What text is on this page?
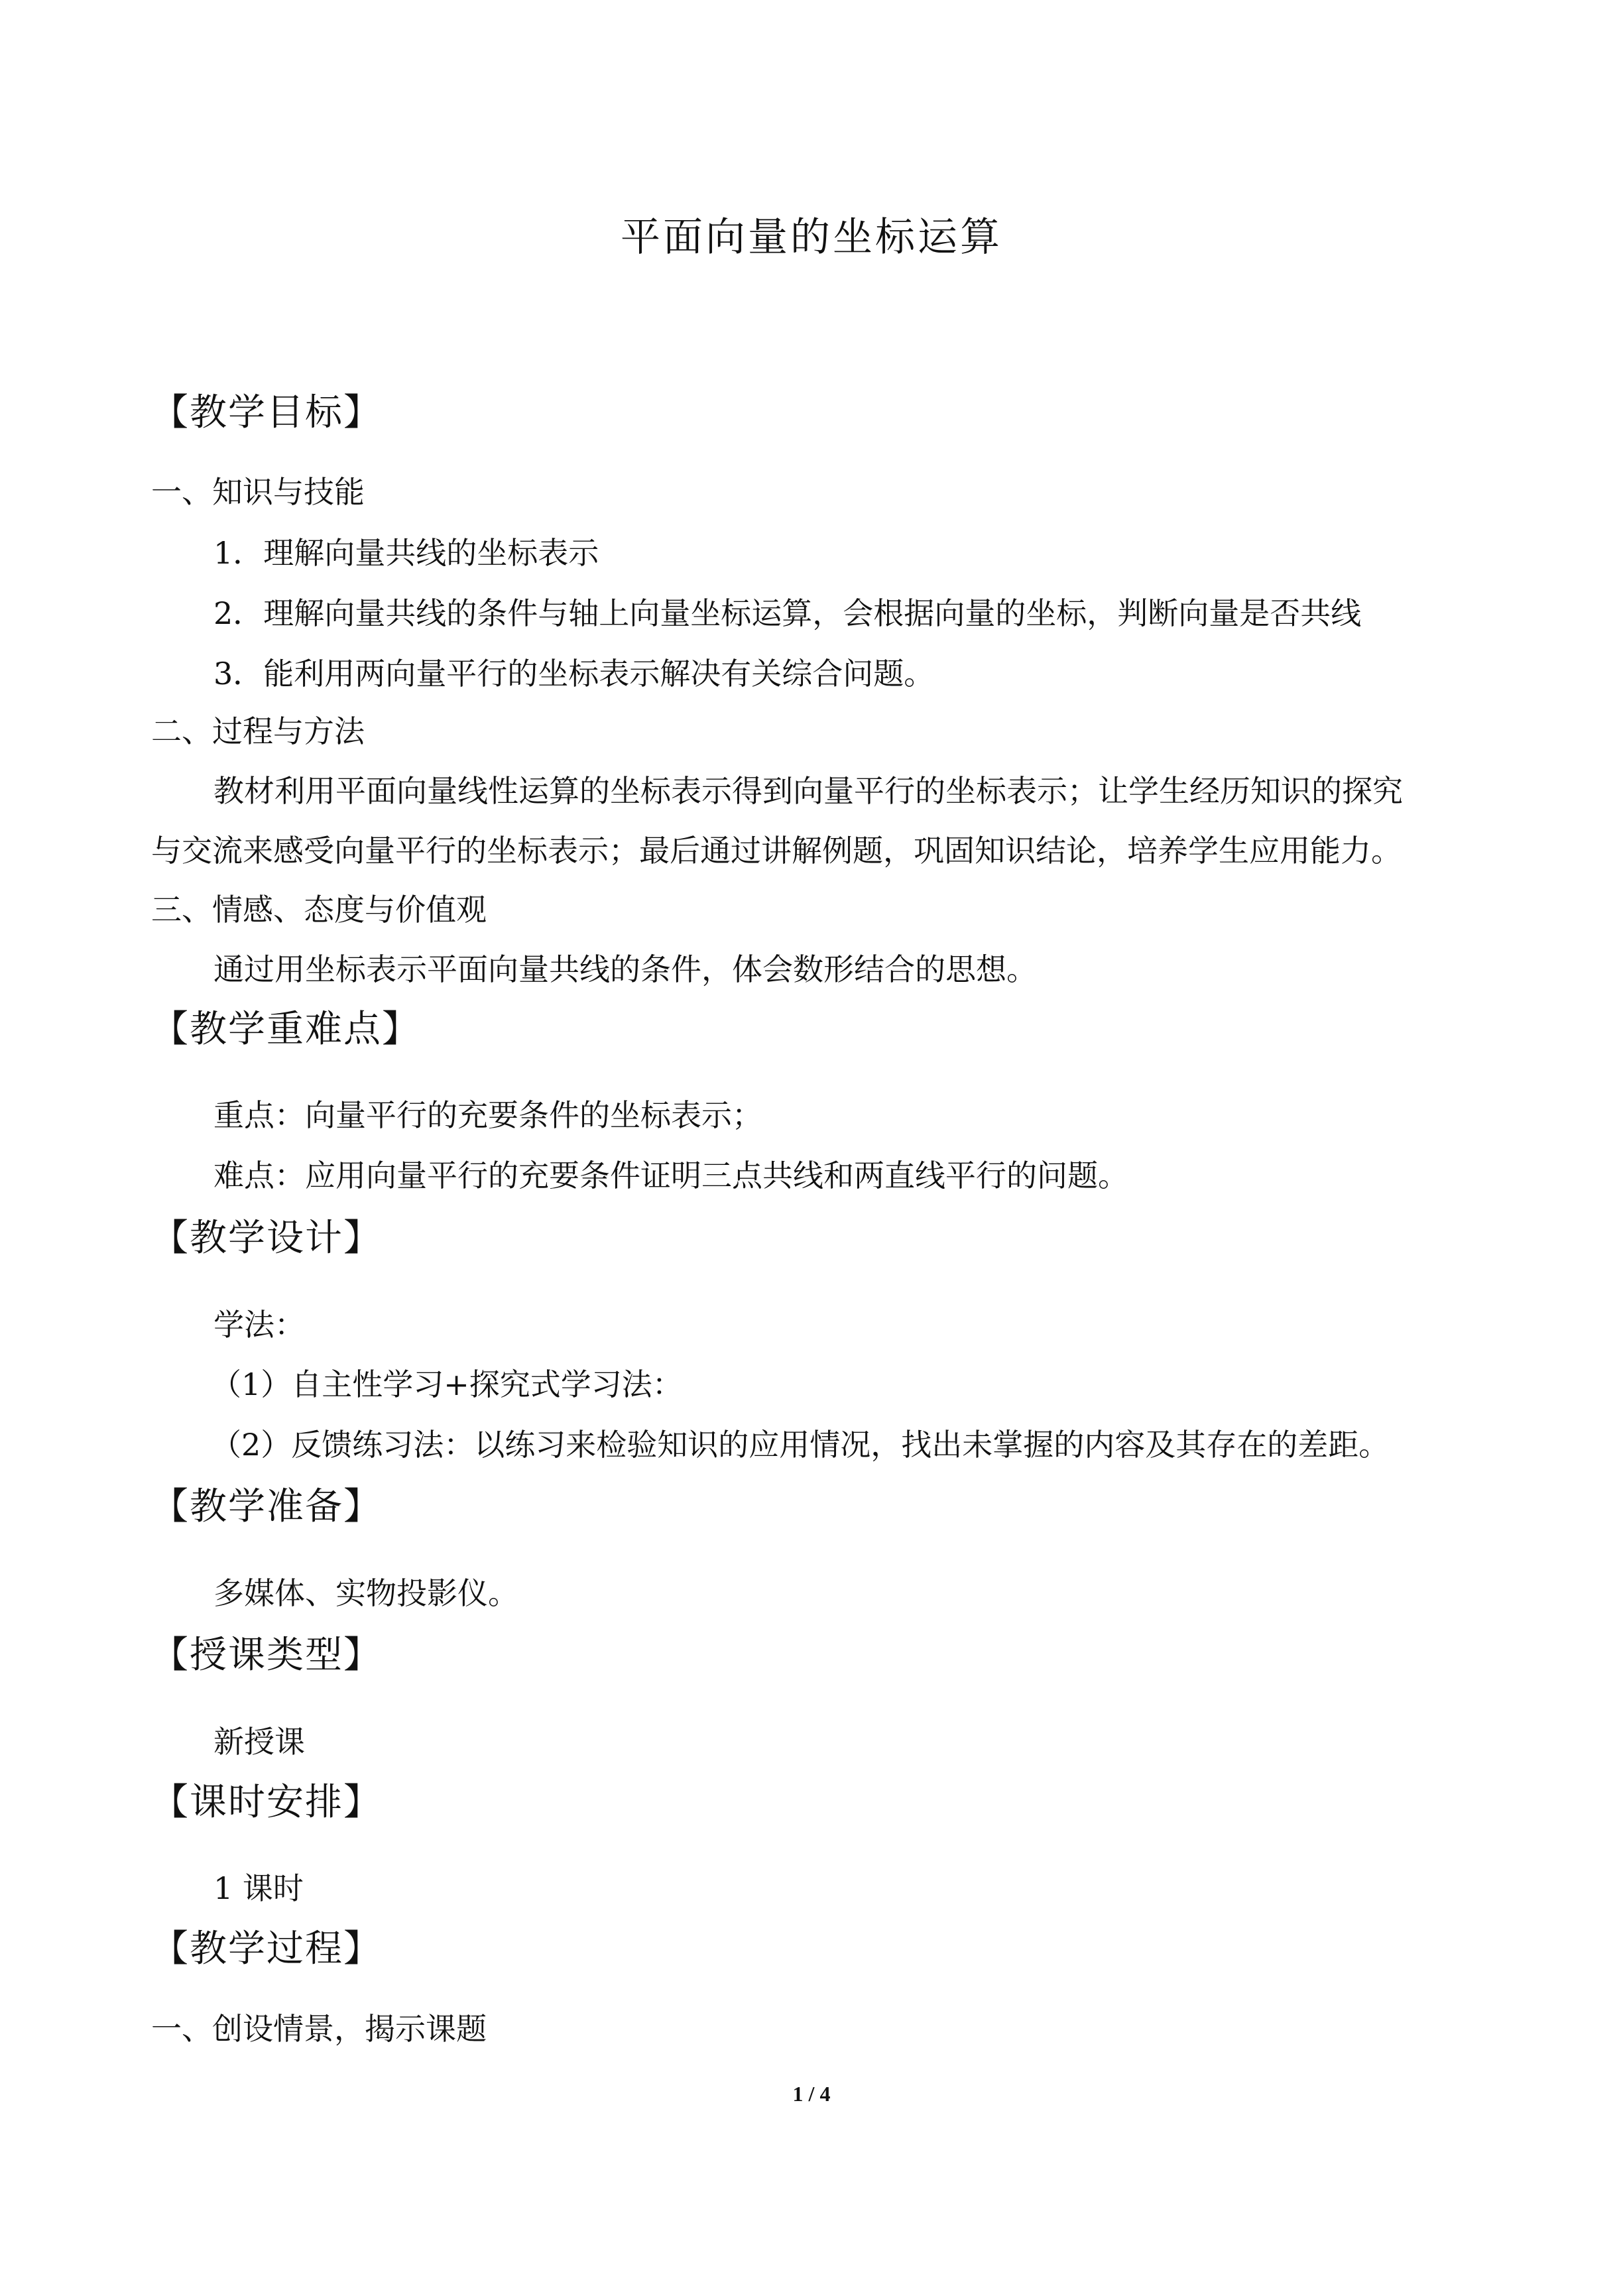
平面向量的坐标运算
【教学目标】
一、知识与技能
1．理解向量共线的坐标表示
2．理解向量共线的条件与轴上向量坐标运算，会根据向量的坐标，判断向量是否共线
3．能利用两向量平行的坐标表示解决有关综合问题。
二、过程与方法
教材利用平面向量线性运算的坐标表示得到向量平行的坐标表示；让学生经历知识的探究
与交流来感受向量平行的坐标表示；最后通过讲解例题，巩固知识结论，培养学生应用能力。
三、情感、态度与价值观
通过用坐标表示平面向量共线的条件，体会数形结合的思想。
【教学重难点】
重点：向量平行的充要条件的坐标表示；
难点：应用向量平行的充要条件证明三点共线和两直线平行的问题。
【教学设计】
学法：
（1）自主性学习+探究式学习法：
（2）反馈练习法：以练习来检验知识的应用情况，找出未掌握的内容及其存在的差距。
【教学准备】
多媒体、实物投影仪。
【授课类型】
新授课
【课时安排】
1 课时
【教学过程】
一、创设情景，揭示课题
1 / 4
